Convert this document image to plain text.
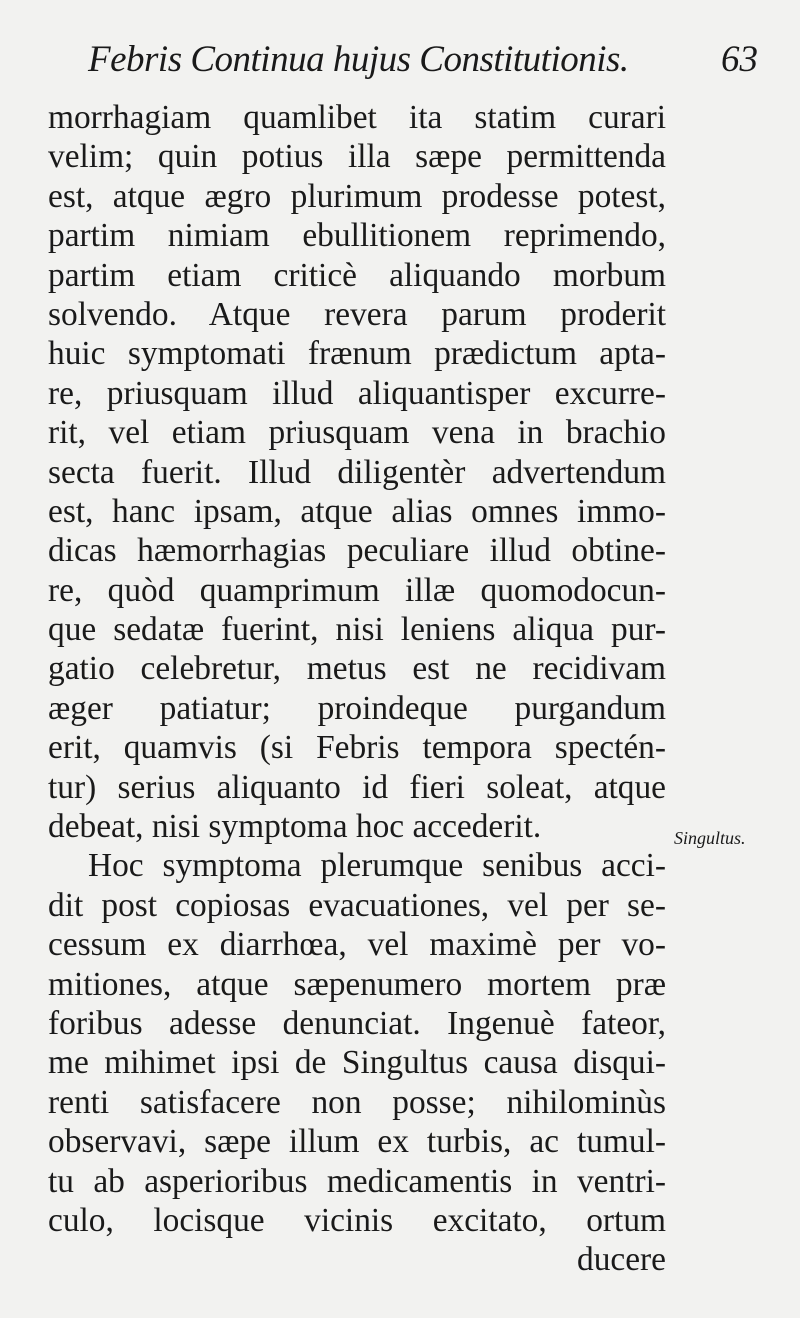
Febris Continua hujus Constitutionis. 63
morrhagiam quamlibet ita statim curari
velim; quin potius illa sæpe permittenda
est, atque ægro plurimum prodesse potest,
partim nimiam ebullitionem reprimendo,
partim etiam criticè aliquando morbum
solvendo. Atque revera parum proderit
huic symptomati frænum prædictum apta-
re, priusquam illud aliquantisper excurre-
rit, vel etiam priusquam vena in brachio
secta fuerit. Illud diligentèr advertendum
est, hanc ipsam, atque alias omnes immo-
dicas hæmorrhagias peculiare illud obtine-
re, quòd quamprimum illæ quomodocun-
que sedatæ fuerint, nisi leniens aliqua pur-
gatio celebretur, metus est ne recidivam
æger patiatur; proindeque purgandum
erit, quamvis (si Febris tempora spectén-
tur) serius aliquanto id fieri soleat, atque
debeat, nisi symptoma hoc accederit.
Hoc symptoma plerumque senibus acci-
dit post copiosas evacuationes, vel per se-
cessum ex diarrhœa, vel maximè per vo-
mitiones, atque sæpenumero mortem præ
foribus adesse denunciat. Ingenuè fateor,
me mihimet ipsi de Singultus causa disqui-
renti satisfacere non posse; nihilominùs
observavi, sæpe illum ex turbis, ac tumul-
tu ab asperioribus medicamentis in ventri-
culo, locisque vicinis excitato, ortum
ducere
Singultus.
